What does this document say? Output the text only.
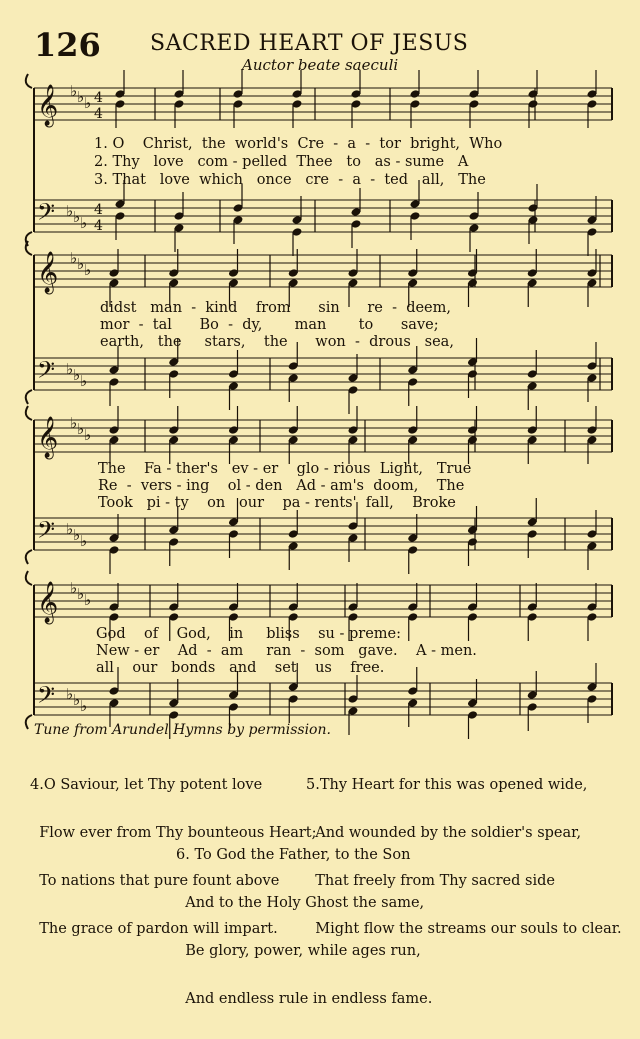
126 SACRED HEART OF JESUS
Auctor beate saeculi
𝄞
𝄢
♭
♭
♭
♭
♭
♭
4
4
4
4
𝄞
𝄢
♭
♭
♭
♭
♭
♭
𝄞
𝄢
♭
♭
♭
♭
♭
♭
𝄞
𝄢
♭
♭
♭
♭
♭
♭
1. O    Christ,  the  world's  Cre  -  a  -  tor  bright,  Who
2. Thy   love   com - pelled  Thee   to   as - sume   A
3. That   love  which   once   cre  -  a  -  ted   all,   The
didst   man  -  kind    from      sin      re  -  deem,
mor  -  tal      Bo  -  dy,       man       to      save;
earth,   the     stars,    the      won  -  drous   sea,
The    Fa - ther's   ev - er    glo - rious  Light,   True
Re  -  vers - ing    ol - den   Ad - am's  doom,    The
Took   pi - ty    on   our    pa - rents'  fall,    Broke
God    of    God,    in     bliss    su - preme:
New - er    Ad  -  am     ran  -  som   gave.    A - men.
all    our   bonds   and    set    us    free.
Tune from Arundel Hymns by permission.

4.O Saviour, let Thy potent love

Flow ever from Thy bounteous Heart;

To nations that pure fount above

The grace of pardon will impart.

5.Thy Heart for this was opened wide,

And wounded by the soldier's spear,

That freely from Thy sacred side

Might flow the streams our souls to clear.

6. To God the Father, to the Son

And to the Holy Ghost the same,

Be glory, power, while ages run,

And endless rule in endless fame.
